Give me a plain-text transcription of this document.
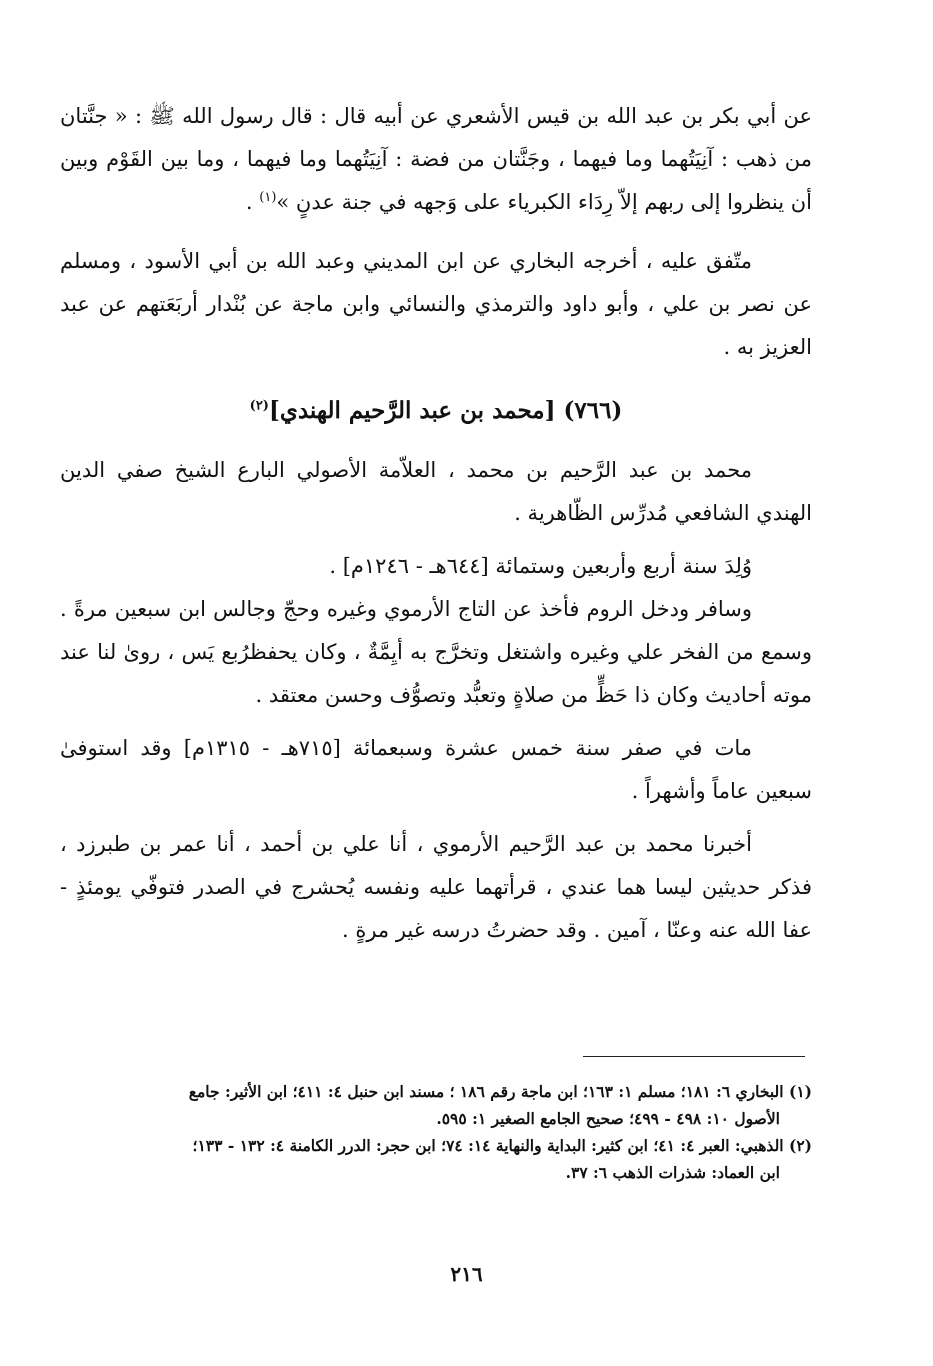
عن أبي بكر بن عبد الله بن قيس الأشعري عن أبيه قال : قال رسول الله ﷺ : « جنَّتان من ذهب : آنِيَتُهما وما فيهما ، وجَنَّتان من فضة : آنِيَتُهما وما فيهما ، وما بين القَوْم وبين أن ينظروا إلى ربهم إلاّ رِدَاء الكبرياء على وَجهه في جنة عدنٍ »$^{(١)}$ .

متّفق عليه ، أخرجه البخاري عن ابن المديني وعبد الله بن أبي الأسود ، ومسلم عن نصر بن علي ، وأبو داود والترمذي والنسائي وابن ماجة عن بُنْدار أربَعَتهم عن عبد العزيز به .

(٧٦٦) [محمد بن عبد الرَّحيم الهندي]$^{(٢)}$

محمد بن عبد الرَّحيم بن محمد ، العلاّمة الأصولي البارع الشيخ صفي الدين الهندي الشافعي مُدرِّس الظّاهرية .

وُلِدَ سنة أربع وأربعين وستمائة [٦٤٤هـ - ١٢٤٦م] .

وسافر ودخل الروم فأخذ عن التاج الأرموي وغيره وحجّ وجالس ابن سبعين مرةً . وسمع من الفخر علي وغيره واشتغل وتخرَّج به أيِمَّةٌ ، وكان يحفظرُبع يَس ، روىٰ لنا عند موته أحاديث وكان ذا حَظٍّ من صلاةٍ وتعبُّد وتصوُّف وحسن معتقد .

مات في صفر سنة خمس عشرة وسبعمائة [٧١٥هـ - ١٣١٥م] وقد استوفىٰ سبعين عاماً وأشهراً .

أخبرنا محمد بن عبد الرَّحيم الأرموي ، أنا علي بن أحمد ، أنا عمر بن طبرزد ، فذكر حديثين ليسا هما عندي ، قرأتهما عليه ونفسه يُحشرج في الصدر فتوفّي يومئذٍ - عفا الله عنه وعنّا ، آمين . وقد حضرتُ درسه غير مرةٍ .

(١) البخاري ٦: ١٨١؛ مسلم ١: ١٦٣؛ ابن ماجة رقم ١٨٦ ؛ مسند ابن حنبل ٤: ٤١١؛ ابن الأثير: جامع

الأصول ١٠: ٤٩٨ - ٤٩٩؛ صحيح الجامع الصغير ١: ٥٩٥.

(٢) الذهبي: العبر ٤: ٤١؛ ابن كثير: البداية والنهاية ١٤: ٧٤؛ ابن حجر: الدرر الكامنة ٤: ١٣٢ - ١٣٣؛

ابن العماد: شذرات الذهب ٦: ٣٧.

٢١٦
